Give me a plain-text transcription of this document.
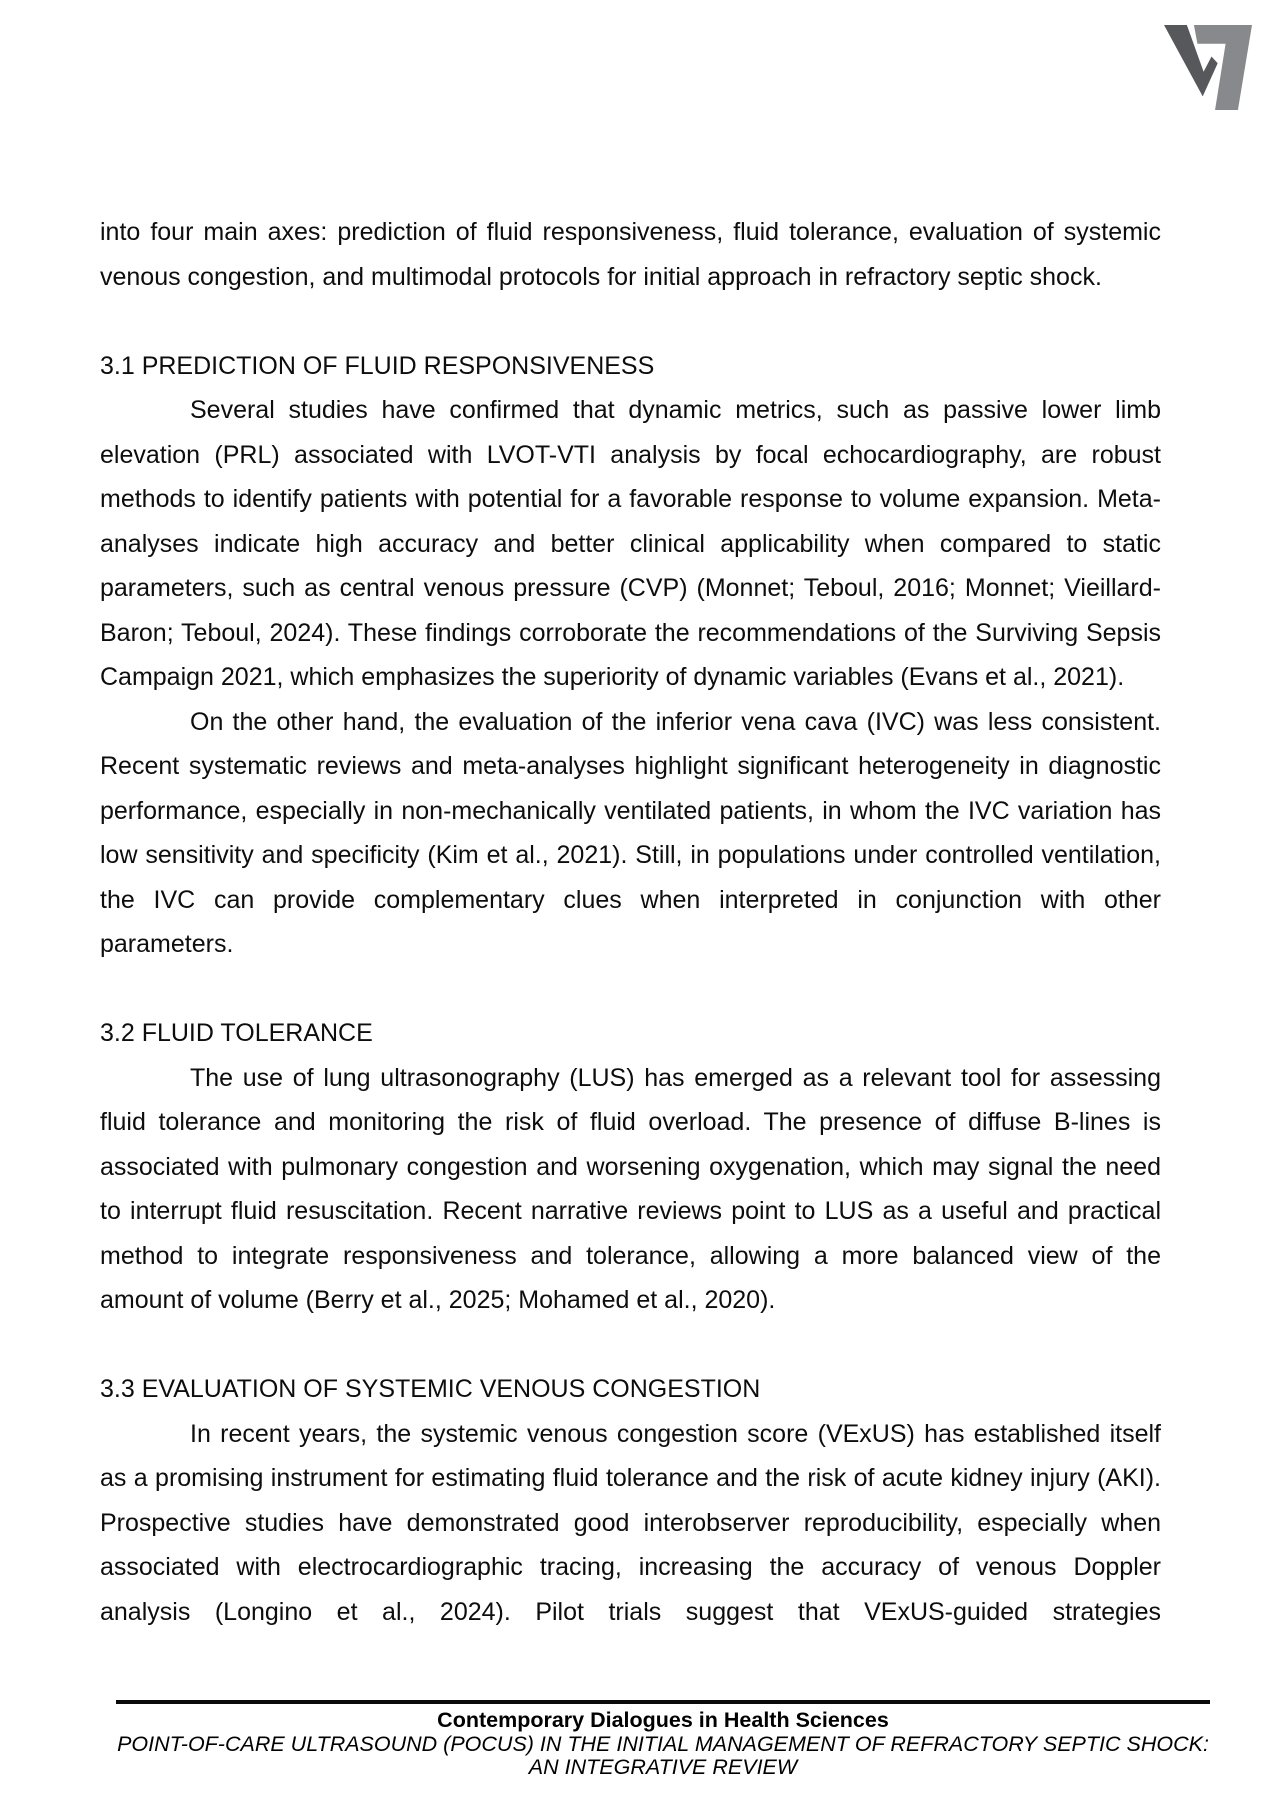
into four main axes: prediction of fluid responsiveness, fluid tolerance, evaluation of systemic venous congestion, and multimodal protocols for initial approach in refractory septic shock.

3.1 PREDICTION OF FLUID RESPONSIVENESS

Several studies have confirmed that dynamic metrics, such as passive lower limb elevation (PRL) associated with LVOT-VTI analysis by focal echocardiography, are robust methods to identify patients with potential for a favorable response to volume expansion. Meta-analyses indicate high accuracy and better clinical applicability when compared to static parameters, such as central venous pressure (CVP) (Monnet; Teboul, 2016; Monnet; Vieillard-Baron; Teboul, 2024). These findings corroborate the recommendations of the Surviving Sepsis Campaign 2021, which emphasizes the superiority of dynamic variables (Evans et al., 2021).

On the other hand, the evaluation of the inferior vena cava (IVC) was less consistent. Recent systematic reviews and meta-analyses highlight significant heterogeneity in diagnostic performance, especially in non-mechanically ventilated patients, in whom the IVC variation has low sensitivity and specificity (Kim et al., 2021). Still, in populations under controlled ventilation, the IVC can provide complementary clues when interpreted in conjunction with other parameters.

3.2 FLUID TOLERANCE

The use of lung ultrasonography (LUS) has emerged as a relevant tool for assessing fluid tolerance and monitoring the risk of fluid overload. The presence of diffuse B-lines is associated with pulmonary congestion and worsening oxygenation, which may signal the need to interrupt fluid resuscitation. Recent narrative reviews point to LUS as a useful and practical method to integrate responsiveness and tolerance, allowing a more balanced view of the amount of volume (Berry et al., 2025; Mohamed et al., 2020).

3.3 EVALUATION OF SYSTEMIC VENOUS CONGESTION

In recent years, the systemic venous congestion score (VExUS) has established itself as a promising instrument for estimating fluid tolerance and the risk of acute kidney injury (AKI). Prospective studies have demonstrated good interobserver reproducibility, especially when associated with electrocardiographic tracing, increasing the accuracy of venous Doppler analysis (Longino et al., 2024). Pilot trials suggest that VExUS-guided strategies

Contemporary Dialogues in Health Sciences
POINT-OF-CARE ULTRASOUND (POCUS) IN THE INITIAL MANAGEMENT OF REFRACTORY SEPTIC SHOCK: AN INTEGRATIVE REVIEW
